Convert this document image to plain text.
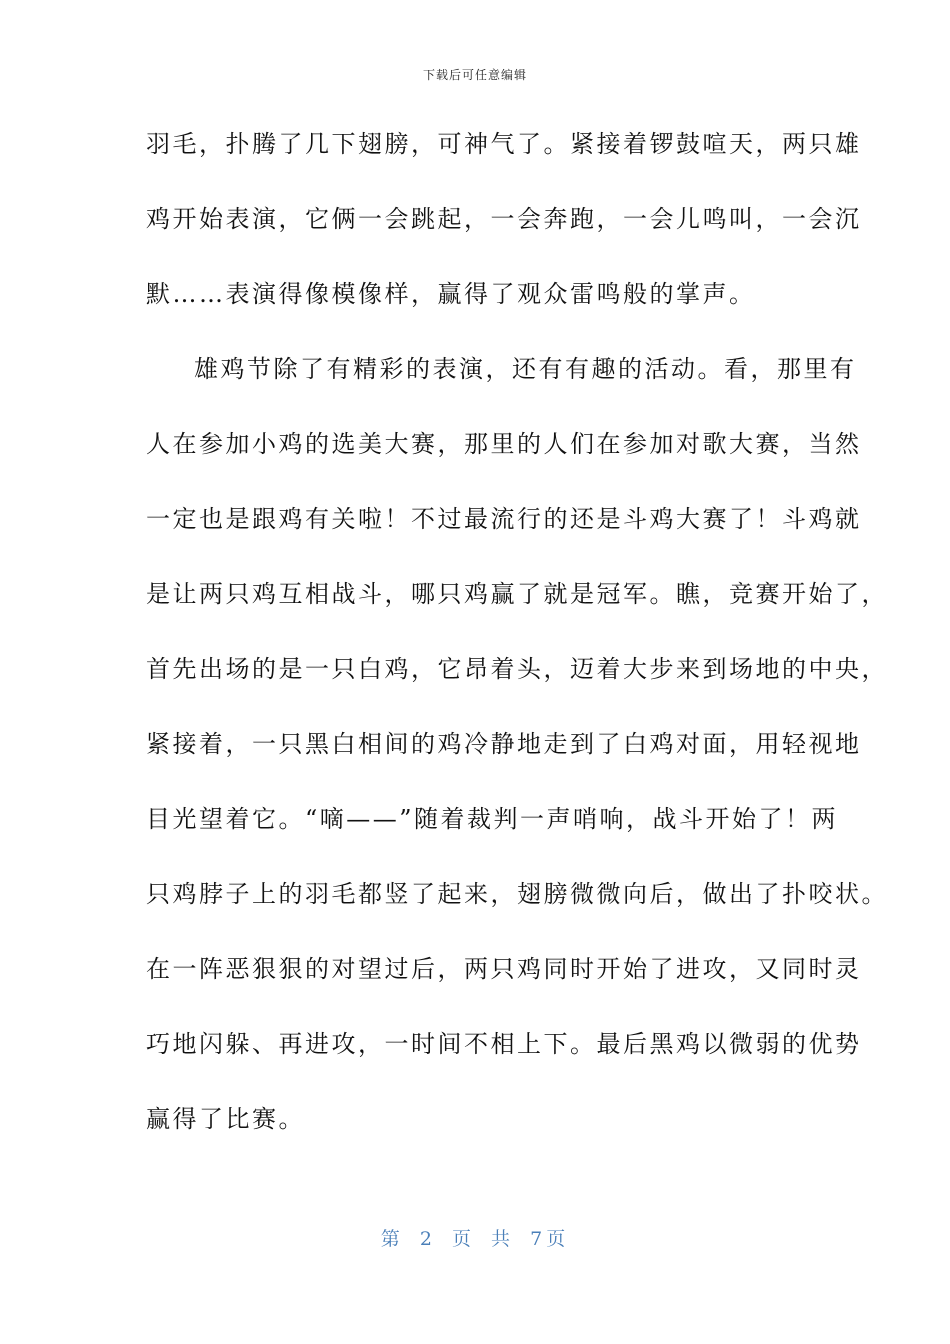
下载后可任意编辑
羽毛，扑腾了几下翅膀，可神气了。紧接着锣鼓喧天，两只雄
鸡开始表演，它俩一会跳起，一会奔跑，一会儿鸣叫，一会沉
默……表演得像模像样，赢得了观众雷鸣般的掌声。
雄鸡节除了有精彩的表演，还有有趣的活动。看，那里有
人在参加小鸡的选美大赛，那里的人们在参加对歌大赛，当然
一定也是跟鸡有关啦！不过最流行的还是斗鸡大赛了！斗鸡就
是让两只鸡互相战斗，哪只鸡赢了就是冠军。瞧，竞赛开始了，
首先出场的是一只白鸡，它昂着头，迈着大步来到场地的中央，
紧接着，一只黑白相间的鸡冷静地走到了白鸡对面，用轻视地
目光望着它。“嘀——”随着裁判一声哨响，战斗开始了！两
只鸡脖子上的羽毛都竖了起来，翅膀微微向后，做出了扑咬状。
在一阵恶狠狠的对望过后，两只鸡同时开始了进攻，又同时灵
巧地闪躲、再进攻，一时间不相上下。最后黑鸡以微弱的优势
赢得了比赛。
第 2 页 共 7页
